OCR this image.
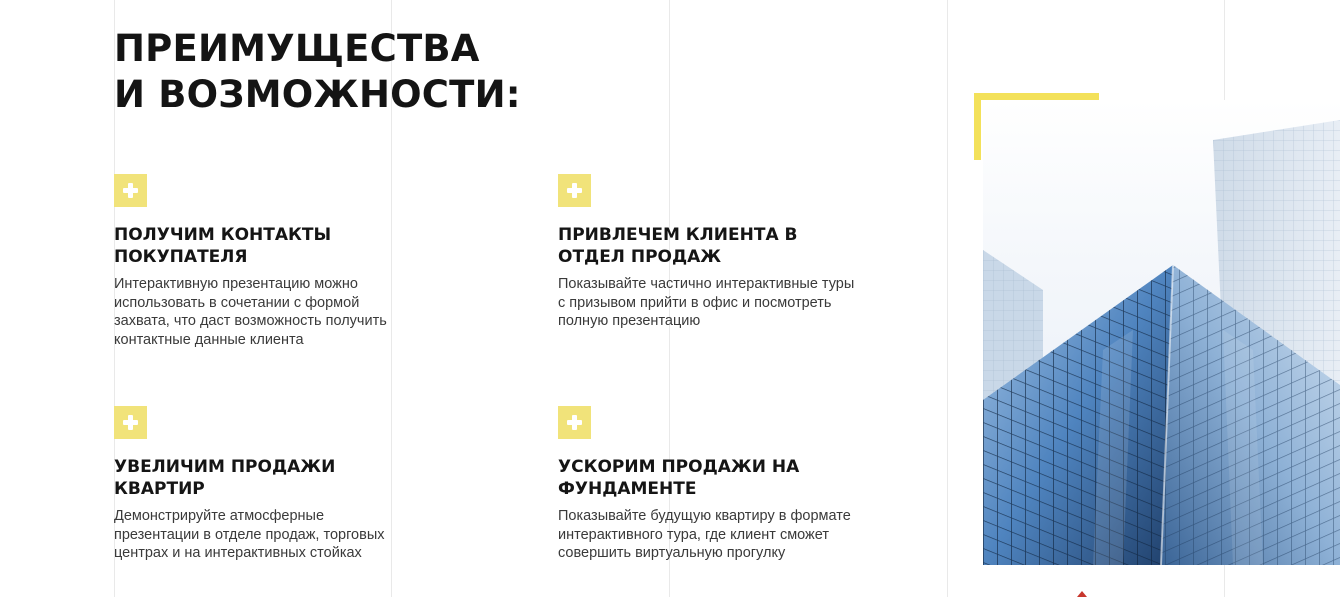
ПРЕИМУЩЕСТВА
И ВОЗМОЖНОСТИ:
ПОЛУЧИМ КОНТАКТЫ
ПОКУПАТЕЛЯ

Интерактивную презентацию можно
использовать в сочетании с формой
захвата, что даст возможность получить
контактные данные клиента

ПРИВЛЕЧЕМ КЛИЕНТА В
ОТДЕЛ ПРОДАЖ

Показывайте частично интерактивные туры
с призывом прийти в офис и посмотреть
полную презентацию

УВЕЛИЧИМ ПРОДАЖИ
КВАРТИР

Демонстрируйте атмосферные
презентации в отделе продаж, торговых
центрах и на интерактивных стойках

УСКОРИМ ПРОДАЖИ НА
ФУНДАМЕНТЕ

Показывайте будущую квартиру в формате
интерактивного тура, где клиент сможет
совершить виртуальную прогулку
